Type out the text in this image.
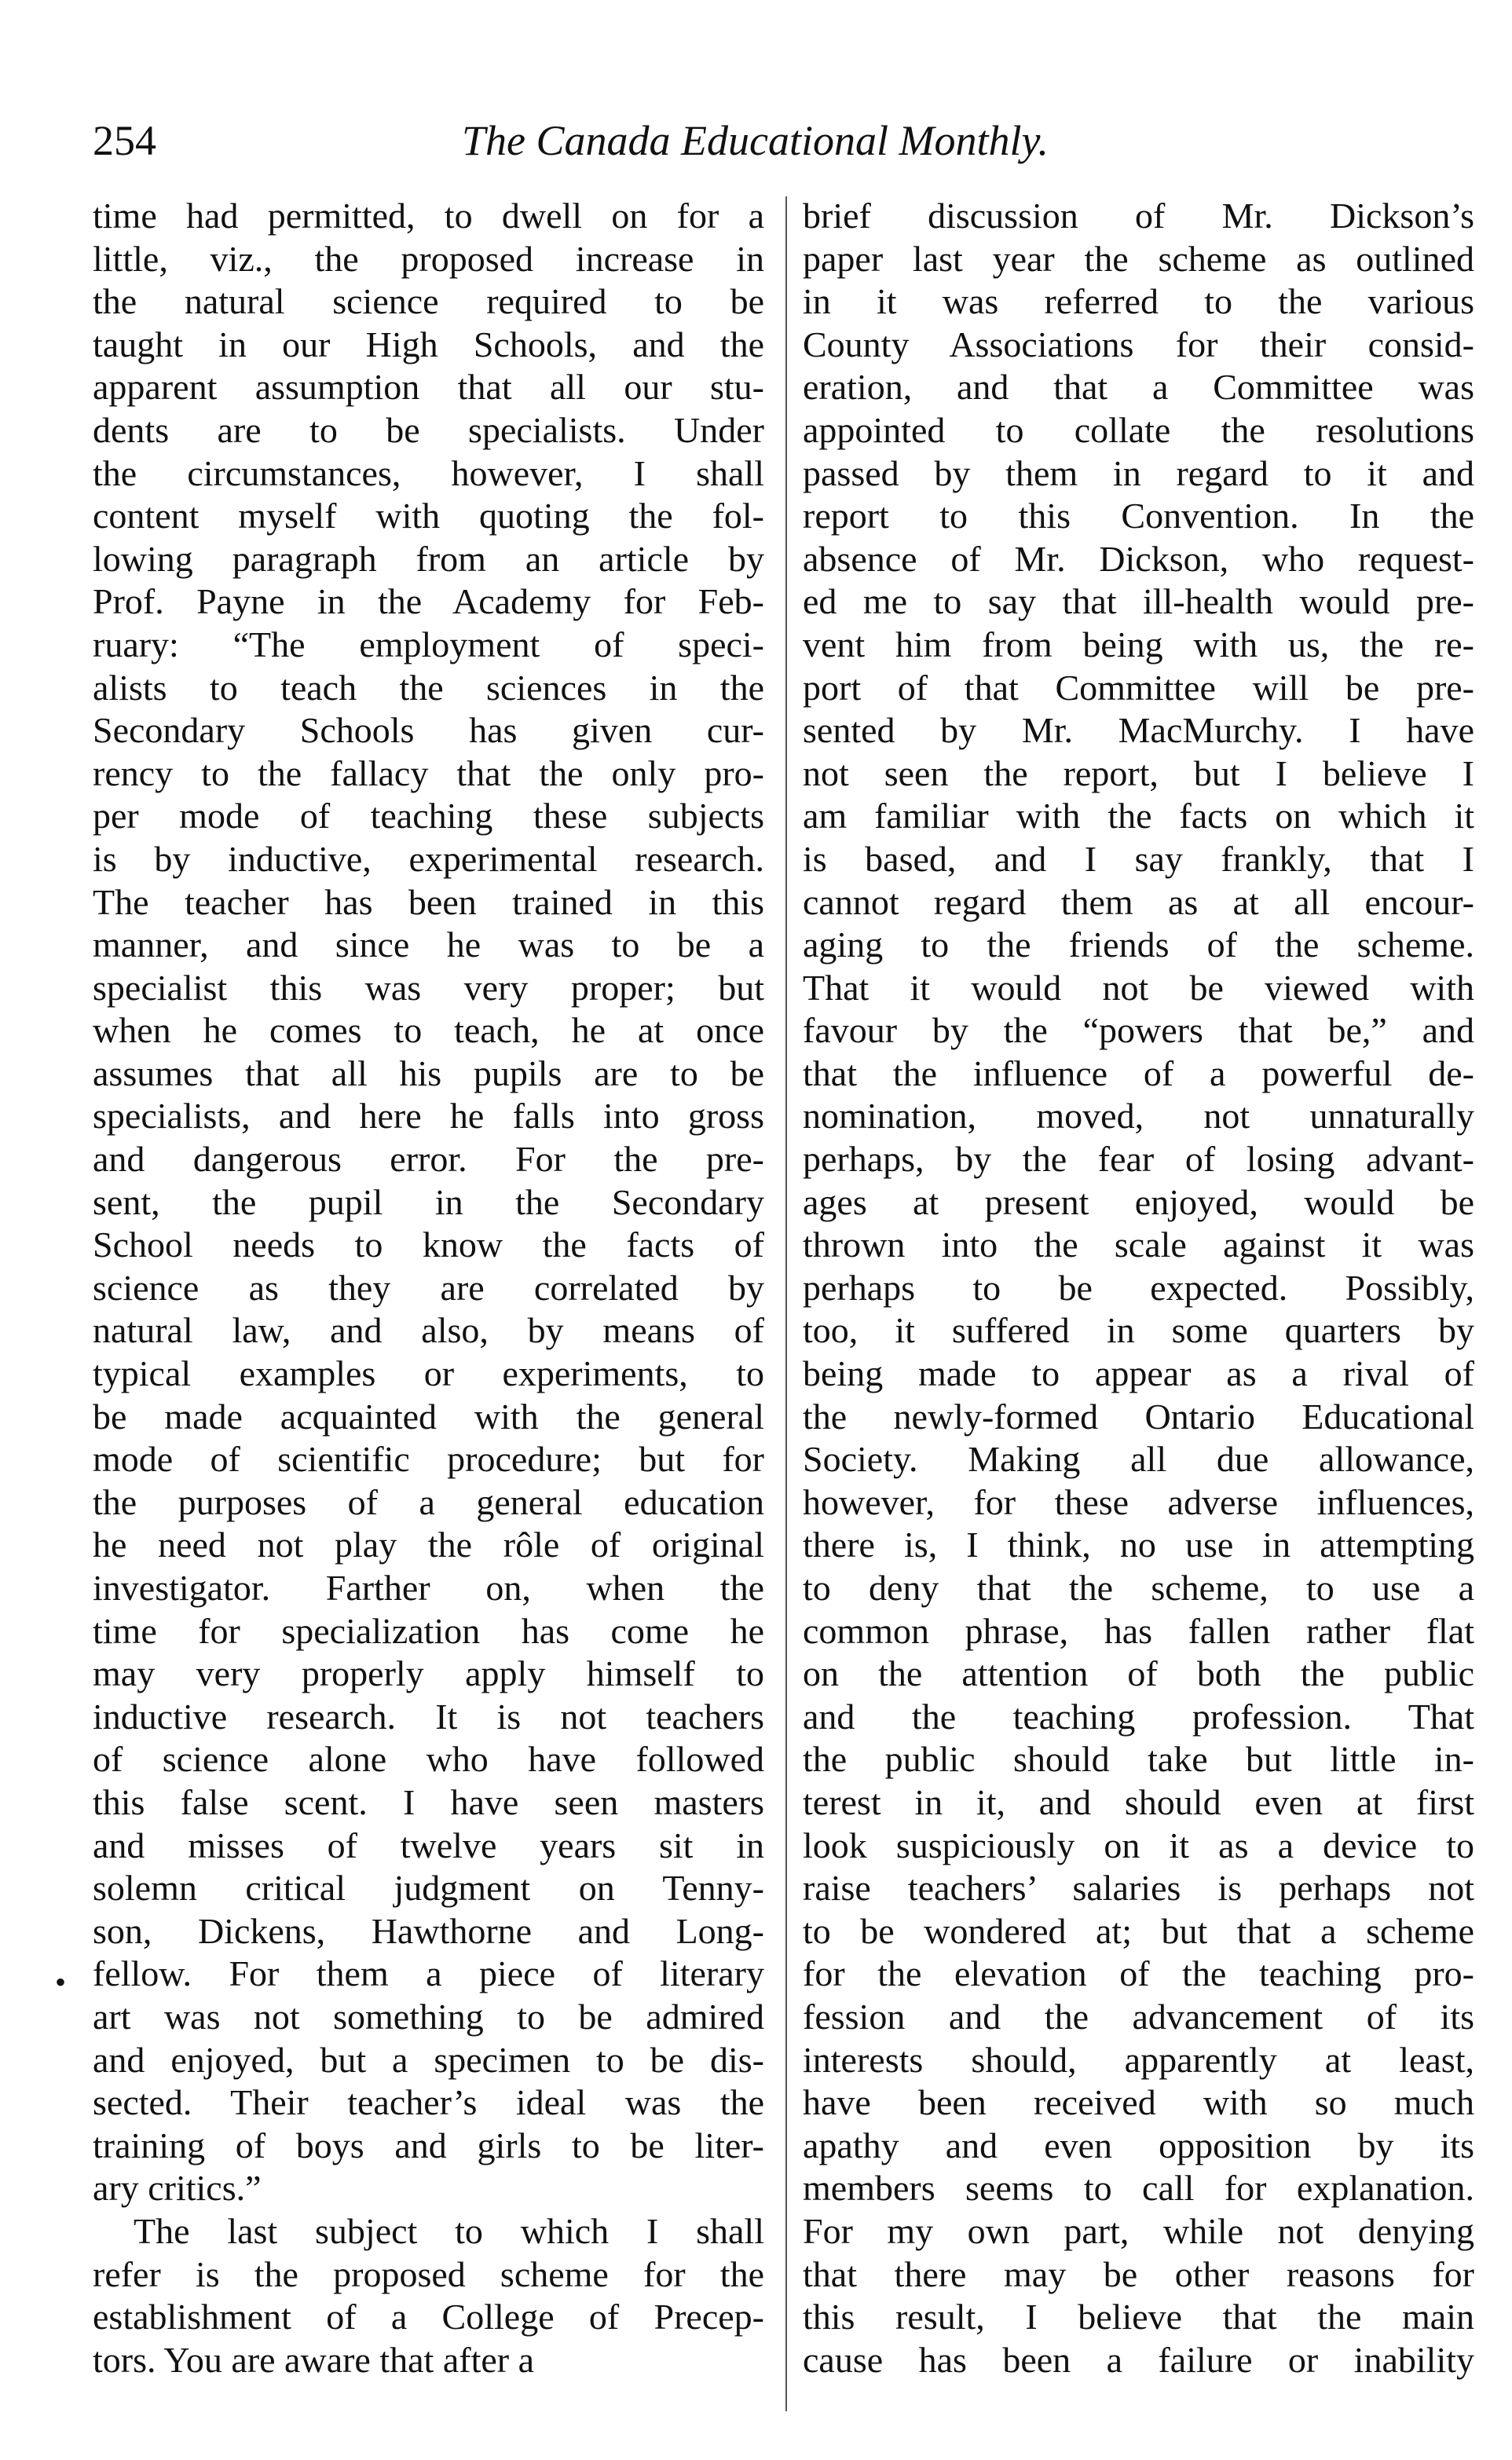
254	The Canada Educational Monthly.
time had permitted, to dwell on for a
little, viz., the proposed increase in
the natural science required to be
taught in our High Schools, and the
apparent assumption that all our stu-
dents are to be specialists. Under
the circumstances, however, I shall
content myself with quoting the fol-
lowing paragraph from an article by
Prof. Payne in the Academy for Feb-
ruary: “The employment of speci-
alists to teach the sciences in the
Secondary Schools has given cur-
rency to the fallacy that the only pro-
per mode of teaching these subjects
is by inductive, experimental research.
The teacher has been trained in this
manner, and since he was to be a
specialist this was very proper; but
when he comes to teach, he at once
assumes that all his pupils are to be
specialists, and here he falls into gross
and dangerous error. For the pre-
sent, the pupil in the Secondary
School needs to know the facts of
science as they are correlated by
natural law, and also, by means of
typical examples or experiments, to
be made acquainted with the general
mode of scientific procedure; but for
the purposes of a general education
he need not play the rôle of original
investigator. Farther on, when the
time for specialization has come he
may very properly apply himself to
inductive research. It is not teachers
of science alone who have followed
this false scent. I have seen masters
and misses of twelve years sit in
solemn critical judgment on Tenny-
son, Dickens, Hawthorne and Long-
fellow. For them a piece of literary
art was not something to be admired
and enjoyed, but a specimen to be dis-
sected. Their teacher’s ideal was the
training of boys and girls to be liter-
ary critics.”
The last subject to which I shall
refer is the proposed scheme for the
establishment of a College of Precep-
tors. You are aware that after a
brief discussion of Mr. Dickson’s
paper last year the scheme as outlined
in it was referred to the various
County Associations for their consid-
eration, and that a Committee was
appointed to collate the resolutions
passed by them in regard to it and
report to this Convention. In the
absence of Mr. Dickson, who request-
ed me to say that ill-health would pre-
vent him from being with us, the re-
port of that Committee will be pre-
sented by Mr. MacMurchy. I have
not seen the report, but I believe I
am familiar with the facts on which it
is based, and I say frankly, that I
cannot regard them as at all encour-
aging to the friends of the scheme.
That it would not be viewed with
favour by the “powers that be,” and
that the influence of a powerful de-
nomination, moved, not unnaturally
perhaps, by the fear of losing advant-
ages at present enjoyed, would be
thrown into the scale against it was
perhaps to be expected. Possibly,
too, it suffered in some quarters by
being made to appear as a rival of
the newly-formed Ontario Educational
Society. Making all due allowance,
however, for these adverse influences,
there is, I think, no use in attempting
to deny that the scheme, to use a
common phrase, has fallen rather flat
on the attention of both the public
and the teaching profession. That
the public should take but little in-
terest in it, and should even at first
look suspiciously on it as a device to
raise teachers’ salaries is perhaps not
to be wondered at; but that a scheme
for the elevation of the teaching pro-
fession and the advancement of its
interests should, apparently at least,
have been received with so much
apathy and even opposition by its
members seems to call for explanation.
For my own part, while not denying
that there may be other reasons for
this result, I believe that the main
cause has been a failure or inability
•
